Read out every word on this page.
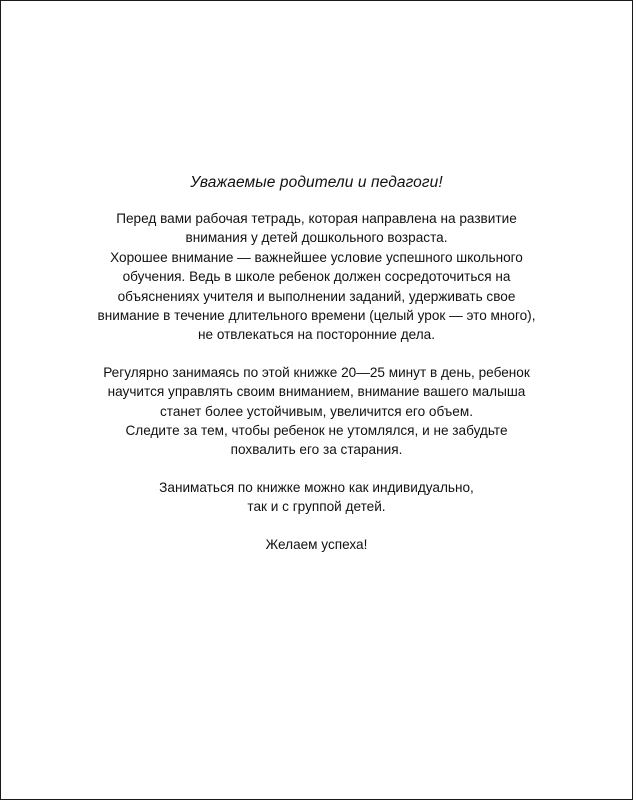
Уважаемые родители и педагоги!
Перед вами рабочая тетрадь, которая направлена на развитие
внимания у детей дошкольного возраста.
Хорошее внимание — важнейшее условие успешного школьного
обучения. Ведь в школе ребенок должен сосредоточиться на
объяснениях учителя и выполнении заданий, удерживать свое
внимание в течение длительного времени (целый урок — это много),
не отвлекаться на посторонние дела.
Регулярно занимаясь по этой книжке 20—25 минут в день, ребенок
научится управлять своим вниманием, внимание вашего малыша
станет более устойчивым, увеличится его объем.
Следите за тем, чтобы ребенок не утомлялся, и не забудьте
похвалить его за старания.
Заниматься по книжке можно как индивидуально,
так и с группой детей.
Желаем успеха!
